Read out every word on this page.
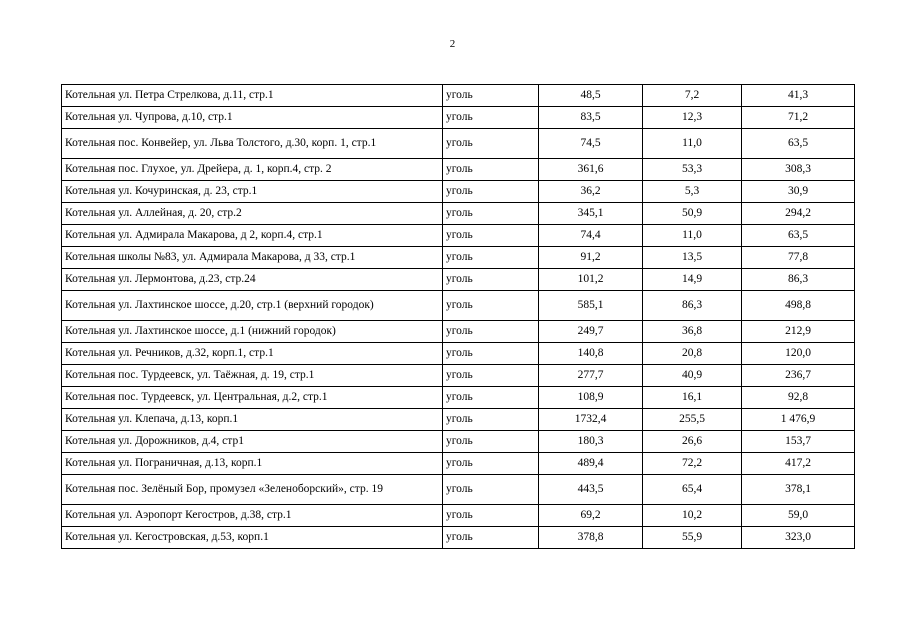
2
Котельная ул. Петра Стрелкова, д.11, стр.1	уголь	48,5	7,2	41,3
Котельная ул. Чупрова, д.10, стр.1	уголь	83,5	12,3	71,2
Котельная пос. Конвейер, ул. Льва Толстого, д.30, корп. 1, стр.1	уголь	74,5	11,0	63,5
Котельная пос. Глухое, ул. Дрейера, д. 1, корп.4, стр. 2	уголь	361,6	53,3	308,3
Котельная ул. Кочуринская, д. 23, стр.1	уголь	36,2	5,3	30,9
Котельная ул. Аллейная, д. 20, стр.2	уголь	345,1	50,9	294,2
Котельная ул. Адмирала Макарова, д 2, корп.4, стр.1	уголь	74,4	11,0	63,5
Котельная школы №83, ул. Адмирала Макарова, д 33, стр.1	уголь	91,2	13,5	77,8
Котельная ул. Лермонтова, д.23, стр.24	уголь	101,2	14,9	86,3
Котельная ул. Лахтинское шоссе, д.20, стр.1 (верхний городок)	уголь	585,1	86,3	498,8
Котельная ул. Лахтинское шоссе, д.1 (нижний городок)	уголь	249,7	36,8	212,9
Котельная ул. Речников, д.32, корп.1, стр.1	уголь	140,8	20,8	120,0
Котельная пос. Турдеевск, ул. Таёжная, д. 19, стр.1	уголь	277,7	40,9	236,7
Котельная пос. Турдеевск, ул. Центральная, д.2, стр.1	уголь	108,9	16,1	92,8
Котельная ул. Клепача, д.13, корп.1	уголь	1732,4	255,5	1 476,9
Котельная ул. Дорожников, д.4, стр1	уголь	180,3	26,6	153,7
Котельная ул. Пограничная, д.13, корп.1	уголь	489,4	72,2	417,2
Котельная пос. Зелёный Бор, промузел «Зеленоборский», стр. 19	уголь	443,5	65,4	378,1
Котельная ул. Аэропорт Кегостров, д.38, стр.1	уголь	69,2	10,2	59,0
Котельная ул. Кегостровская, д.53, корп.1	уголь	378,8	55,9	323,0
